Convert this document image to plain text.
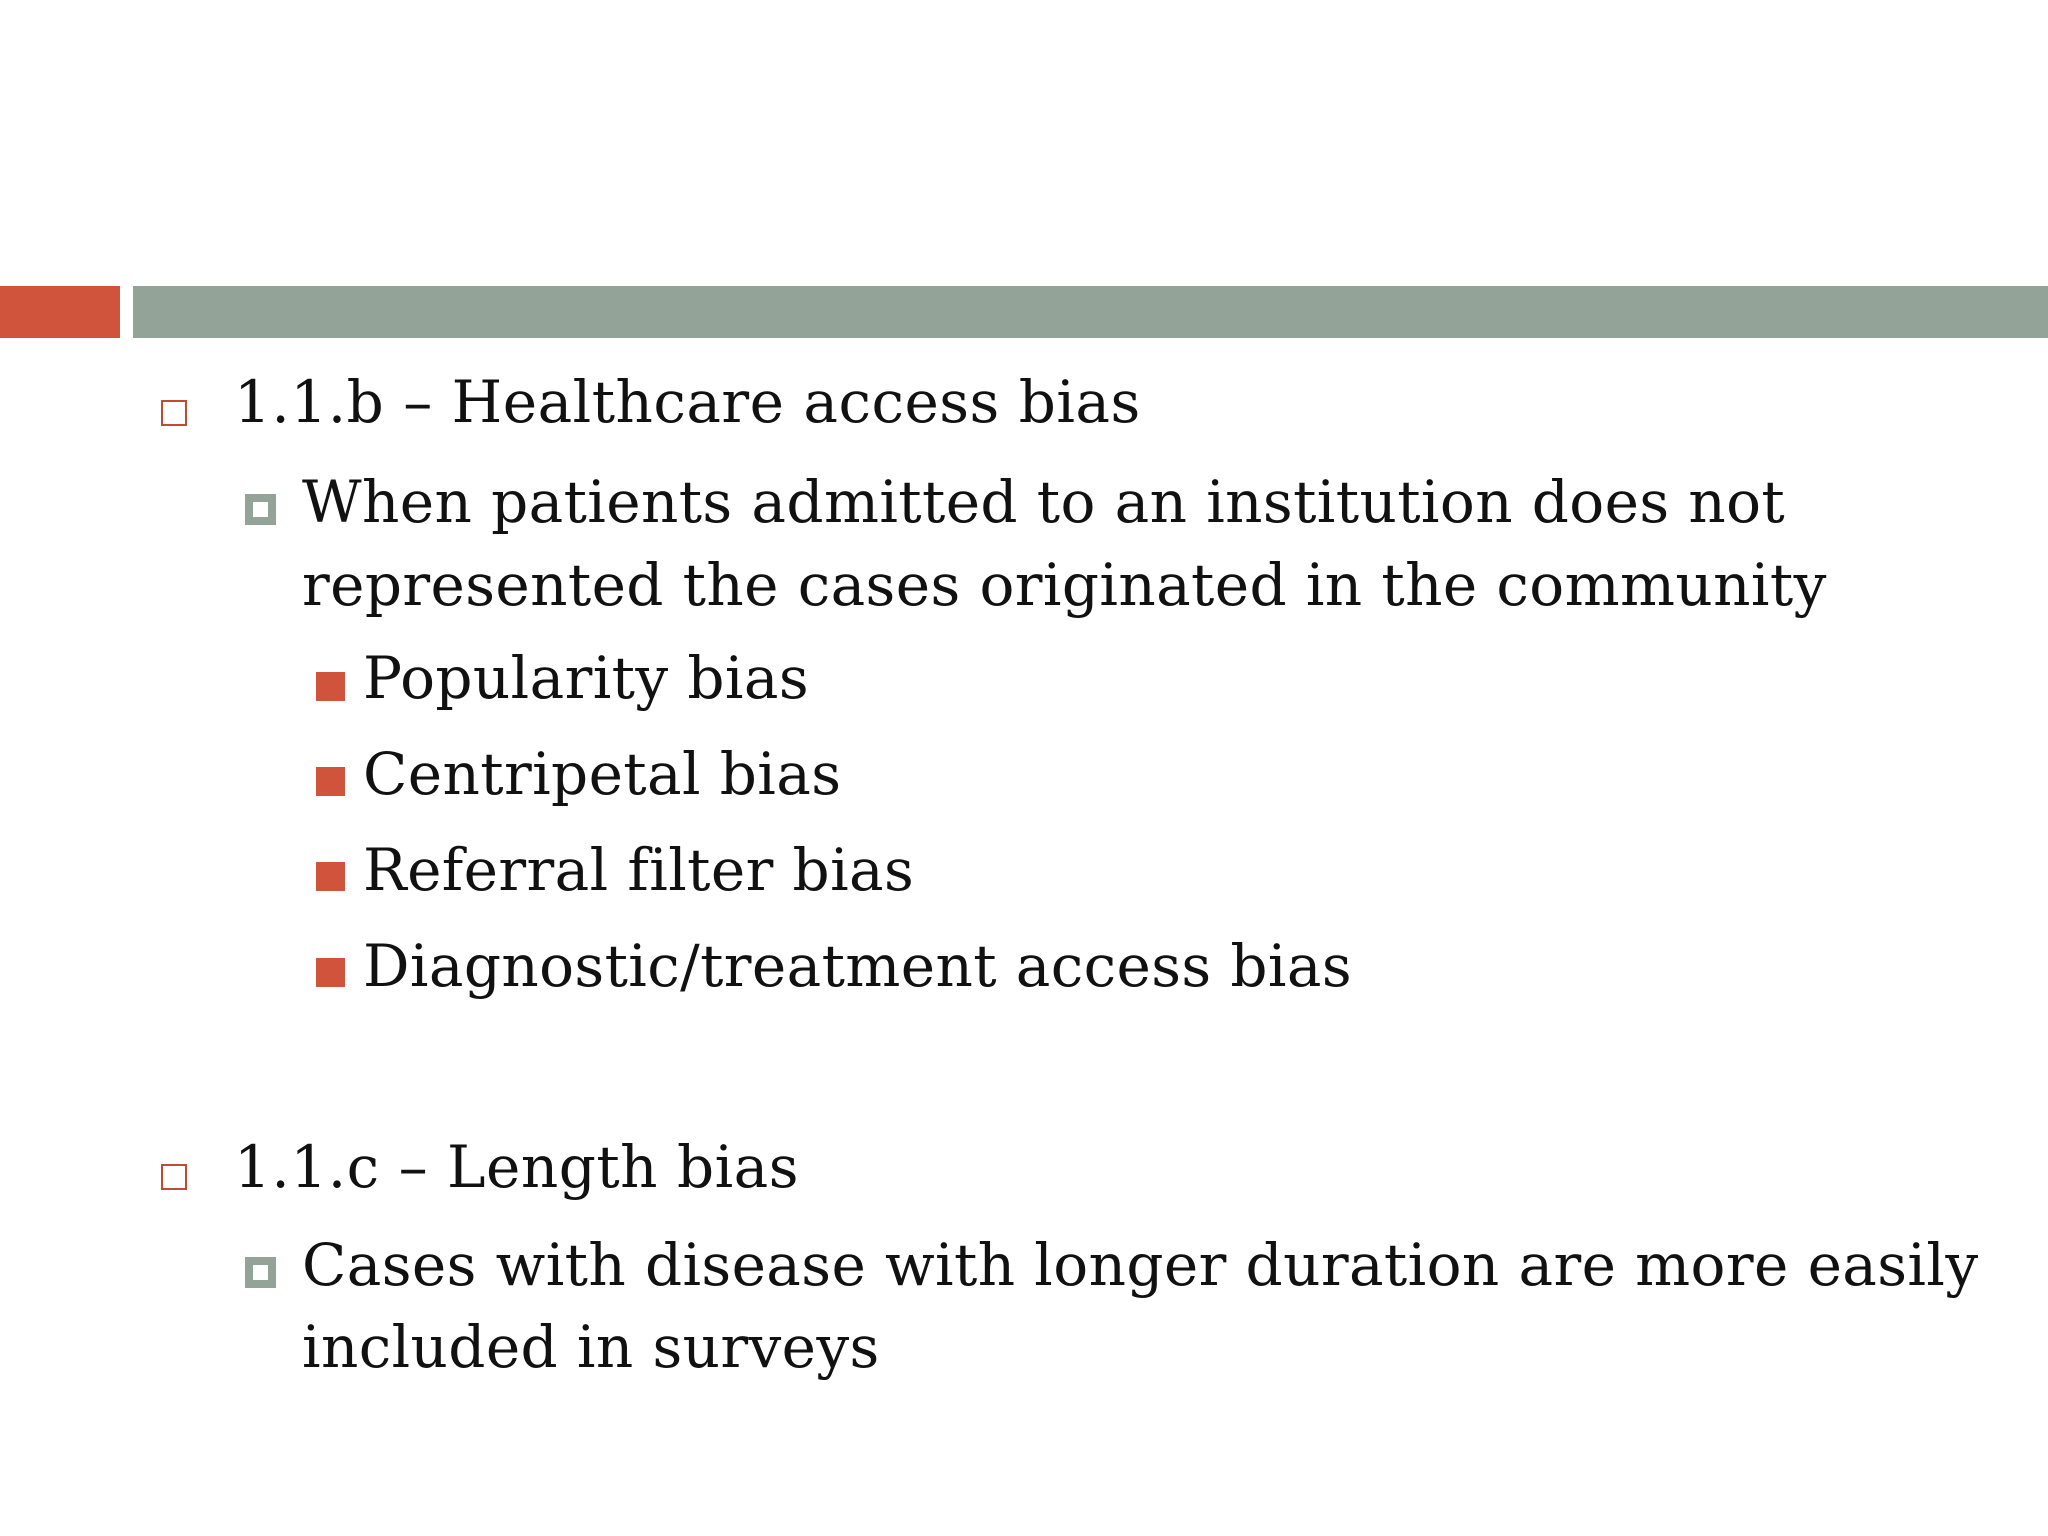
1.1.b – Healthcare access bias
When patients admitted to an institution does not
represented the cases originated in the community
Popularity bias
Centripetal bias
Referral filter bias
Diagnostic/treatment access bias
1.1.c – Length bias
Cases with disease with longer duration are more easily
included in surveys
